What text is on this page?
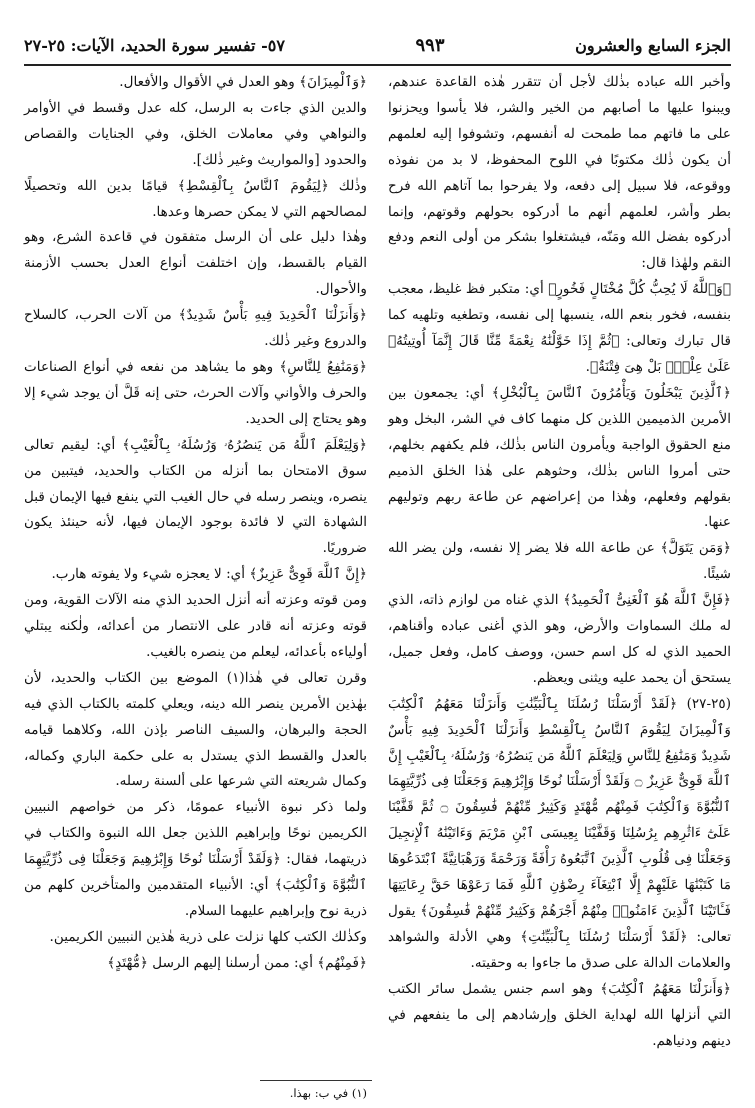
الجزء السابع والعشرون
٩٩٣
٥٧- تفسير سورة الحديد، الآيات: ٢٥-٢٧

وأخبر الله عباده بذٰلك لأجل أن تتقرر هٰذه القاعدة عندهم، ويبنوا عليها ما أصابهم من الخير والشر، فلا يأسوا ويحزنوا على ما فاتهم مما طمحت له أنفسهم، وتشوفوا إليه لعلمهم أن يكون ذٰلك مكتوبًا في اللوح المحفوظ، لا بد من نفوذه ووقوعه، فلا سبيل إلى دفعه، ولا يفرحوا بما آتاهم الله فرح بطر وأشر، لعلمهم أنهم ما أدركوه بحولهم وقوتهم، وإنما أدركوه بفضل الله ومَنّه، فيشتغلوا بشكر من أولى النعم ودفع النقم ولهٰذا قال:

﴿وَٱللَّهُ لَا يُحِبُّ كُلَّ مُخْتَالٍ فَخُورٍ﴾ أي: متكبر فظ غليظ، معجب بنفسه، فخور بنعم الله، ينسبها إلى نفسه، وتطغيه وتلهيه كما قال تبارك وتعالى: ﴿ثُمَّ إِذَا خَوَّلْنَٰهُ نِعْمَةً مِّنَّا قَالَ إِنَّمَآ أُوتِيتُهُۥ عَلَىٰ عِلْمٍۭ بَلْ هِىَ فِتْنَةٌ﴾.

﴿ٱلَّذِينَ يَبْخَلُونَ وَيَأْمُرُونَ ٱلنَّاسَ بِٱلْبُخْلِ﴾ أي: يجمعون بين الأمرين الذميمين اللذين كل منهما كاف في الشر، البخل وهو منع الحقوق الواجبة ويأمرون الناس بذٰلك، فلم يكفهم بخلهم، حتى أمروا الناس بذٰلك، وحثوهم على هٰذا الخلق الذميم بقولهم وفعلهم، وهٰذا من إعراضهم عن طاعة ربهم وتوليهم عنها.

﴿وَمَن يَتَوَلَّ﴾ عن طاعة الله فلا يضر إلا نفسه، ولن يضر الله شيئًا.

﴿فَإِنَّ ٱللَّهَ هُوَ ٱلْغَنِىُّ ٱلْحَمِيدُ﴾ الذي غناه من لوازم ذاته، الذي له ملك السماوات والأرض، وهو الذي أغنى عباده وأقناهم، الحميد الذي له كل اسم حسن، ووصف كامل، وفعل جميل، يستحق أن يحمد عليه ويثنى ويعظم.

(٢٥-٢٧) ﴿لَقَدْ أَرْسَلْنَا رُسُلَنَا بِٱلْبَيِّنَٰتِ وَأَنزَلْنَا مَعَهُمُ ٱلْكِتَٰبَ وَٱلْمِيزَانَ لِيَقُومَ ٱلنَّاسُ بِٱلْقِسْطِ وَأَنزَلْنَا ٱلْحَدِيدَ فِيهِ بَأْسٌ شَدِيدٌ وَمَنَٰفِعُ لِلنَّاسِ وَلِيَعْلَمَ ٱللَّهُ مَن يَنصُرُهُۥ وَرُسُلَهُۥ بِٱلْغَيْبِ إِنَّ ٱللَّهَ قَوِىٌّ عَزِيزٌ ۝ وَلَقَدْ أَرْسَلْنَا نُوحًا وَإِبْرَٰهِيمَ وَجَعَلْنَا فِى ذُرِّيَّتِهِمَا ٱلنُّبُوَّةَ وَٱلْكِتَٰبَ فَمِنْهُم مُّهْتَدٍ وَكَثِيرٌ مِّنْهُمْ فَٰسِقُونَ ۝ ثُمَّ قَفَّيْنَا عَلَىٰٓ ءَاثَٰرِهِم بِرُسُلِنَا وَقَفَّيْنَا بِعِيسَى ٱبْنِ مَرْيَمَ وَءَاتَيْنَٰهُ ٱلْإِنجِيلَ وَجَعَلْنَا فِى قُلُوبِ ٱلَّذِينَ ٱتَّبَعُوهُ رَأْفَةً وَرَحْمَةً وَرَهْبَانِيَّةً ٱبْتَدَعُوهَا مَا كَتَبْنَٰهَا عَلَيْهِمْ إِلَّا ٱبْتِغَآءَ رِضْوَٰنِ ٱللَّهِ فَمَا رَعَوْهَا حَقَّ رِعَايَتِهَا فَـَٔاتَيْنَا ٱلَّذِينَ ءَامَنُوا۟ مِنْهُمْ أَجْرَهُمْ وَكَثِيرٌ مِّنْهُمْ فَٰسِقُونَ﴾ يقول تعالى: ﴿لَقَدْ أَرْسَلْنَا رُسُلَنَا بِٱلْبَيِّنَٰتِ﴾ وهي الأدلة والشواهد والعلامات الدالة على صدق ما جاءوا به وحقيته.

﴿وَأَنزَلْنَا مَعَهُمُ ٱلْكِتَٰبَ﴾ وهو اسم جنس يشمل سائر الكتب التي أنزلها الله لهداية الخلق وإرشادهم إلى ما ينفعهم في دينهم ودنياهم.

﴿وَٱلْمِيزَانَ﴾ وهو العدل في الأقوال والأفعال.

والدين الذي جاءت به الرسل، كله عدل وقسط في الأوامر والنواهي وفي معاملات الخلق، وفي الجنايات والقصاص والحدود [والمواريث وغير ذٰلك].

وذٰلك ﴿لِيَقُومَ ٱلنَّاسُ بِٱلْقِسْطِ﴾ قيامًا بدين الله وتحصيلًا لمصالحهم التي لا يمكن حصرها وعدها.

وهٰذا دليل على أن الرسل متفقون في قاعدة الشرع، وهو القيام بالقسط، وإن اختلفت أنواع العدل بحسب الأزمنة والأحوال.

﴿وَأَنزَلْنَا ٱلْحَدِيدَ فِيهِ بَأْسٌ شَدِيدٌ﴾ من آلات الحرب، كالسلاح والدروع وغير ذٰلك.

﴿وَمَنَٰفِعُ لِلنَّاسِ﴾ وهو ما يشاهد من نفعه في أنواع الصناعات والحرف والأواني وآلات الحرث، حتى إنه قَلَّ أن يوجد شيء إلا وهو يحتاج إلى الحديد.

﴿وَلِيَعْلَمَ ٱللَّهُ مَن يَنصُرُهُۥ وَرُسُلَهُۥ بِٱلْغَيْبِ﴾ أي: ليقيم تعالى سوق الامتحان بما أنزله من الكتاب والحديد، فيتبين من ينصره، وينصر رسله في حال الغيب التي ينفع فيها الإيمان قبل الشهادة التي لا فائدة بوجود الإيمان فيها، لأنه حينئذ يكون ضروريًا.

﴿إِنَّ ٱللَّهَ قَوِىٌّ عَزِيزٌ﴾ أي: لا يعجزه شيء ولا يفوته هارب.

ومن قوته وعزته أنه أنزل الحديد الذي منه الآلات القوية، ومن قوته وعزته أنه قادر على الانتصار من أعدائه، ولٰكنه يبتلي أولياءه بأعدائه، ليعلم من ينصره بالغيب.

وقرن تعالى في هٰذا(١) الموضع بين الكتاب والحديد، لأن بهٰذين الأمرين ينصر الله دينه، ويعلي كلمته بالكتاب الذي فيه الحجة والبرهان، والسيف الناصر بإذن الله، وكلاهما قيامه بالعدل والقسط الذي يستدل به على حكمة الباري وكماله، وكمال شريعته التي شرعها على ألسنة رسله.

ولما ذكر نبوة الأنبياء عمومًا، ذكر من خواصهم النبيين الكريمين نوحًا وإبراهيم اللذين جعل الله النبوة والكتاب في ذريتهما، فقال: ﴿وَلَقَدْ أَرْسَلْنَا نُوحًا وَإِبْرَٰهِيمَ وَجَعَلْنَا فِى ذُرِّيَّتِهِمَا ٱلنُّبُوَّةَ وَٱلْكِتَٰبَ﴾ أي: الأنبياء المتقدمين والمتأخرين كلهم من ذرية نوح وإبراهيم عليهما السلام.

وكذٰلك الكتب كلها نزلت على ذرية هٰذين النبيين الكريمين.

﴿فَمِنْهُم﴾ أي: ممن أرسلنا إليهم الرسل ﴿مُّهْتَدٍ﴾

(١) في ب: بهذا.
